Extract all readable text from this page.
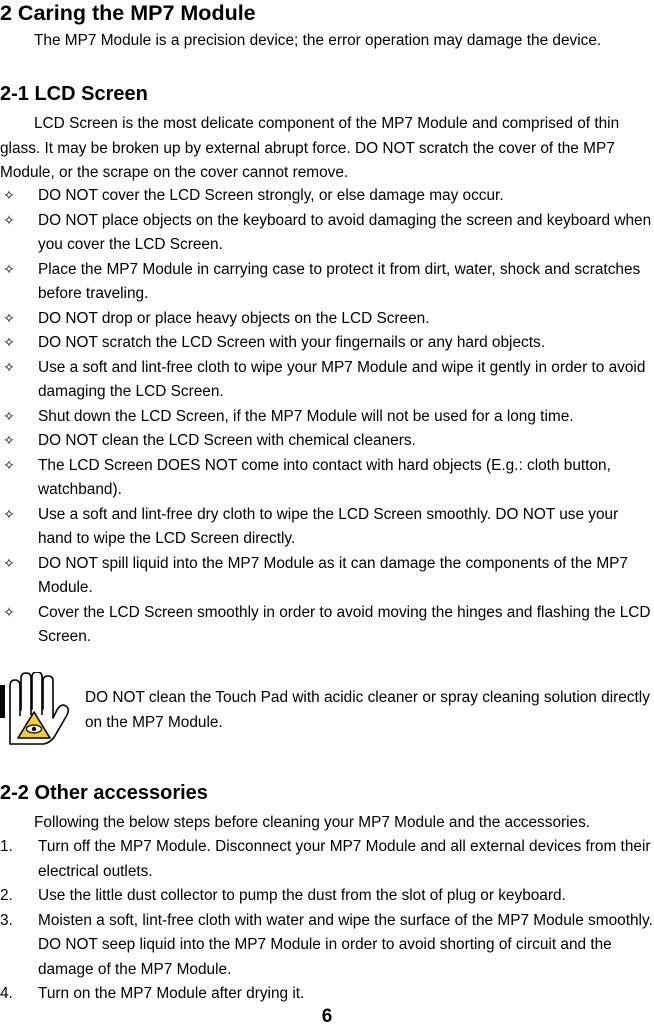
2 Caring the MP7 Module

The MP7 Module is a precision device; the error operation may damage the device.

2-1 LCD Screen

LCD Screen is the most delicate component of the MP7 Module and comprised of thin glass. It may be broken up by external abrupt force. DO NOT scratch the cover of the MP7 Module, or the scrape on the cover cannot remove.

✧ DO NOT cover the LCD Screen strongly, or else damage may occur.
✧ DO NOT place objects on the keyboard to avoid damaging the screen and keyboard when you cover the LCD Screen.
✧ Place the MP7 Module in carrying case to protect it from dirt, water, shock and scratches before traveling.
✧ DO NOT drop or place heavy objects on the LCD Screen.
✧ DO NOT scratch the LCD Screen with your fingernails or any hard objects.
✧ Use a soft and lint-free cloth to wipe your MP7 Module and wipe it gently in order to avoid damaging the LCD Screen.
✧ Shut down the LCD Screen, if the MP7 Module will not be used for a long time.
✧ DO NOT clean the LCD Screen with chemical cleaners.
✧ The LCD Screen DOES NOT come into contact with hard objects (E.g.: cloth button, watchband).
✧ Use a soft and lint-free dry cloth to wipe the LCD Screen smoothly. DO NOT use your hand to wipe the LCD Screen directly.
✧ DO NOT spill liquid into the MP7 Module as it can damage the components of the MP7 Module.
✧ Cover the LCD Screen smoothly in order to avoid moving the hinges and flashing the LCD Screen.

DO NOT clean the Touch Pad with acidic cleaner or spray cleaning solution directly on the MP7 Module.

2-2 Other accessories

Following the below steps before cleaning your MP7 Module and the accessories.

1. Turn off the MP7 Module. Disconnect your MP7 Module and all external devices from their electrical outlets.
2. Use the little dust collector to pump the dust from the slot of plug or keyboard.
3. Moisten a soft, lint-free cloth with water and wipe the surface of the MP7 Module smoothly. DO NOT seep liquid into the MP7 Module in order to avoid shorting of circuit and the damage of the MP7 Module.
4. Turn on the MP7 Module after drying it.
6
